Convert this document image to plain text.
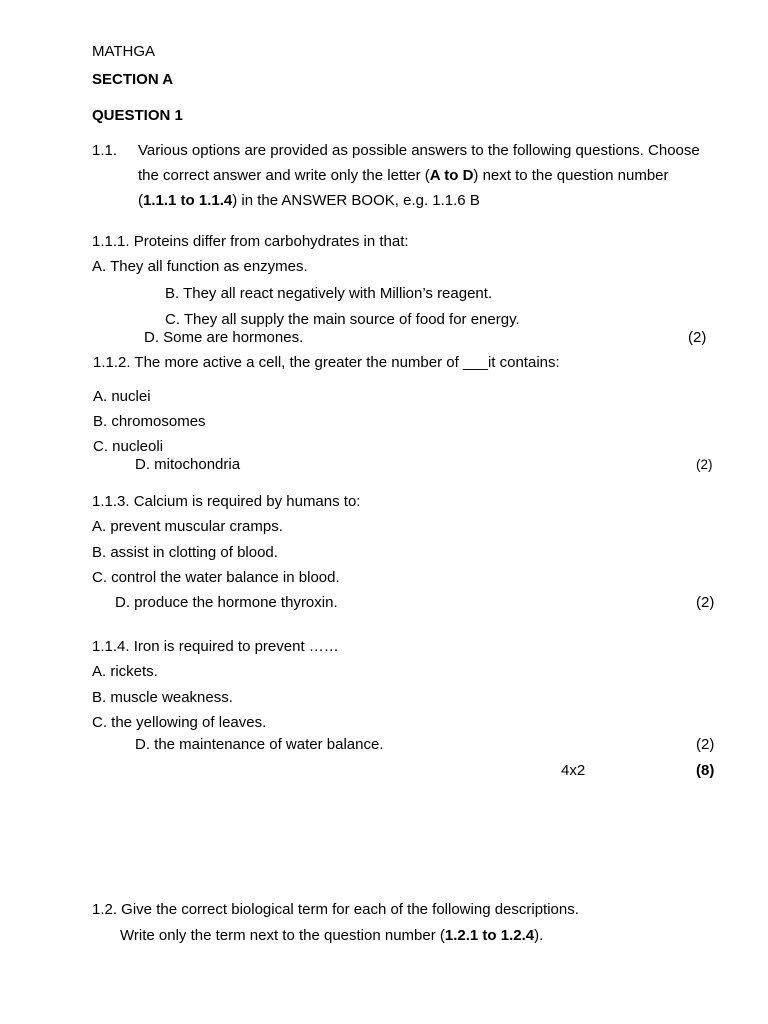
MATHGA
SECTION A
QUESTION 1
1.1. Various options are provided as possible answers to the following questions. Choose
the correct answer and write only the letter (A to D) next to the question number
(1.1.1 to 1.1.4) in the ANSWER BOOK, e.g. 1.1.6 B
1.1.1. Proteins differ from carbohydrates in that:
A. They all function as enzymes.
B. They all react negatively with Million’s reagent.
C. They all supply the main source of food for energy.
D. Some are hormones.	(2)
1.1.2. The more active a cell, the greater the number of ___it contains:
A. nuclei
B. chromosomes
C. nucleoli
D. mitochondria	(2)
1.1.3. Calcium is required by humans to:
A. prevent muscular cramps.
B. assist in clotting of blood.
C. control the water balance in blood.
D. produce the hormone thyroxin.	(2)
1.1.4. Iron is required to prevent ……
A. rickets.
B. muscle weakness.
C. the yellowing of leaves.
D. the maintenance of water balance.	(2)
4x2	(8)
1.2. Give the correct biological term for each of the following descriptions.
Write only the term next to the question number (1.2.1 to 1.2.4).
